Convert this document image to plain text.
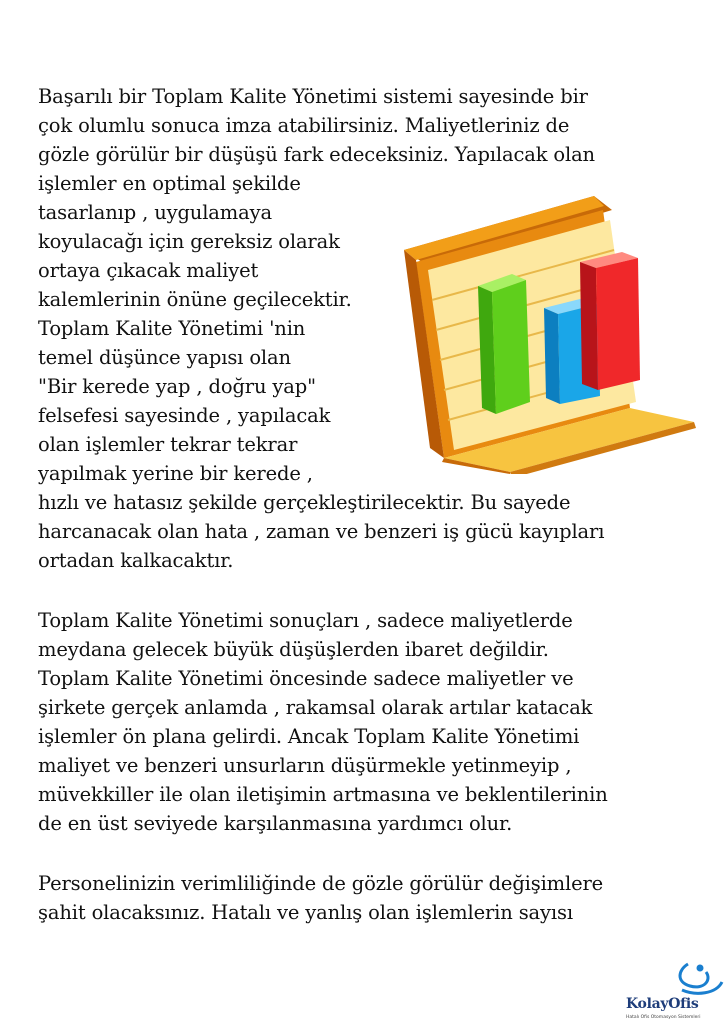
Başarılı bir Toplam Kalite Yönetimi sistemi sayesinde bir
çok olumlu sonuca imza atabilirsiniz. Maliyetleriniz de
gözle görülür bir düşüşü fark edeceksiniz. Yapılacak olan
işlemler en optimal şekilde
tasarlanıp , uygulamaya
koyulacağı için gereksiz olarak
ortaya çıkacak maliyet
kalemlerinin önüne geçilecektir.
Toplam Kalite Yönetimi 'nin
temel düşünce yapısı olan
"Bir kerede yap , doğru yap"
felsefesi sayesinde , yapılacak
olan işlemler tekrar tekrar
yapılmak yerine bir kerede ,
hızlı ve hatasız şekilde gerçekleştirilecektir. Bu sayede
harcanacak olan hata , zaman ve benzeri iş gücü kayıpları
ortadan kalkacaktır.
Toplam Kalite Yönetimi sonuçları , sadece maliyetlerde
meydana gelecek büyük düşüşlerden ibaret değildir.
Toplam Kalite Yönetimi öncesinde sadece maliyetler ve
şirkete gerçek anlamda , rakamsal olarak artılar katacak
işlemler ön plana gelirdi. Ancak Toplam Kalite Yönetimi
maliyet ve benzeri unsurların düşürmekle yetinmeyip ,
müvekkiller ile olan iletişimin artmasına ve beklentilerinin
de en üst seviyede karşılanmasına yardımcı olur.
Personelinizin verimliliğinde de gözle görülür değişimlere
şahit olacaksınız. Hatalı ve yanlış olan işlemlerin sayısı
KolayOfis
Hatalı Ofis Otomasyon Sistemleri
